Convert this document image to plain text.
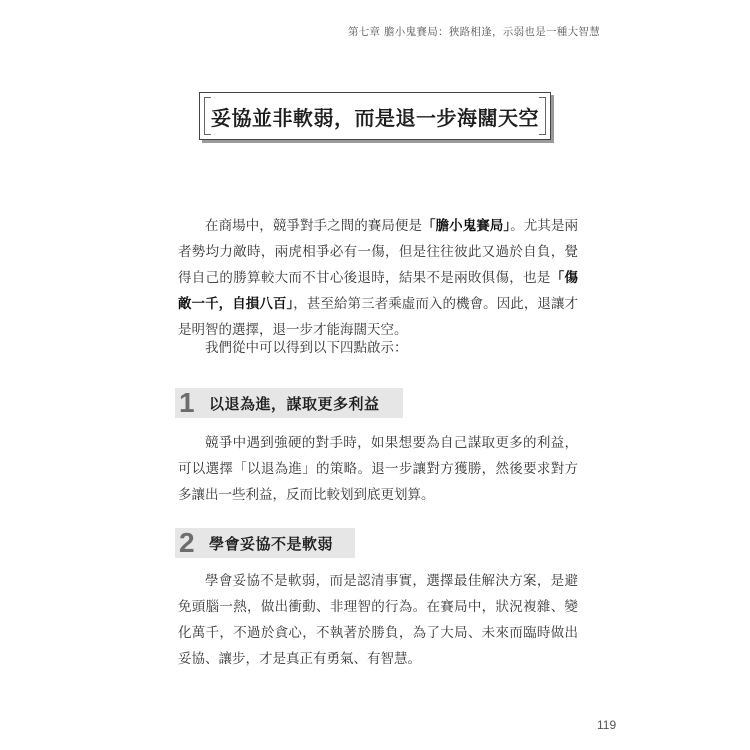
第七章 膽小鬼賽局：狹路相逢，示弱也是一種大智慧
妥協並非軟弱，而是退一步海闊天空

在商場中，競爭對手之間的賽局便是「膽小鬼賽局」。尤其是兩者勢均力敵時，兩虎相爭必有一傷，但是往往彼此又過於自負，覺得自己的勝算較大而不甘心後退時，結果不是兩敗俱傷，也是「傷敵一千，自損八百」，甚至給第三者乘虛而入的機會。因此，退讓才是明智的選擇，退一步才能海闊天空。

我們從中可以得到以下四點啟示：

1 以退為進，謀取更多利益

競爭中遇到強硬的對手時，如果想要為自己謀取更多的利益，可以選擇「以退為進」的策略。退一步讓對方獲勝，然後要求對方多讓出一些利益，反而比較划到底更划算。

2 學會妥協不是軟弱

學會妥協不是軟弱，而是認清事實，選擇最佳解決方案，是避免頭腦一熱，做出衝動、非理智的行為。在賽局中，狀況複雜、變化萬千，不過於貪心，不執著於勝負，為了大局、未來而臨時做出妥協、讓步，才是真正有勇氣、有智慧。

119
